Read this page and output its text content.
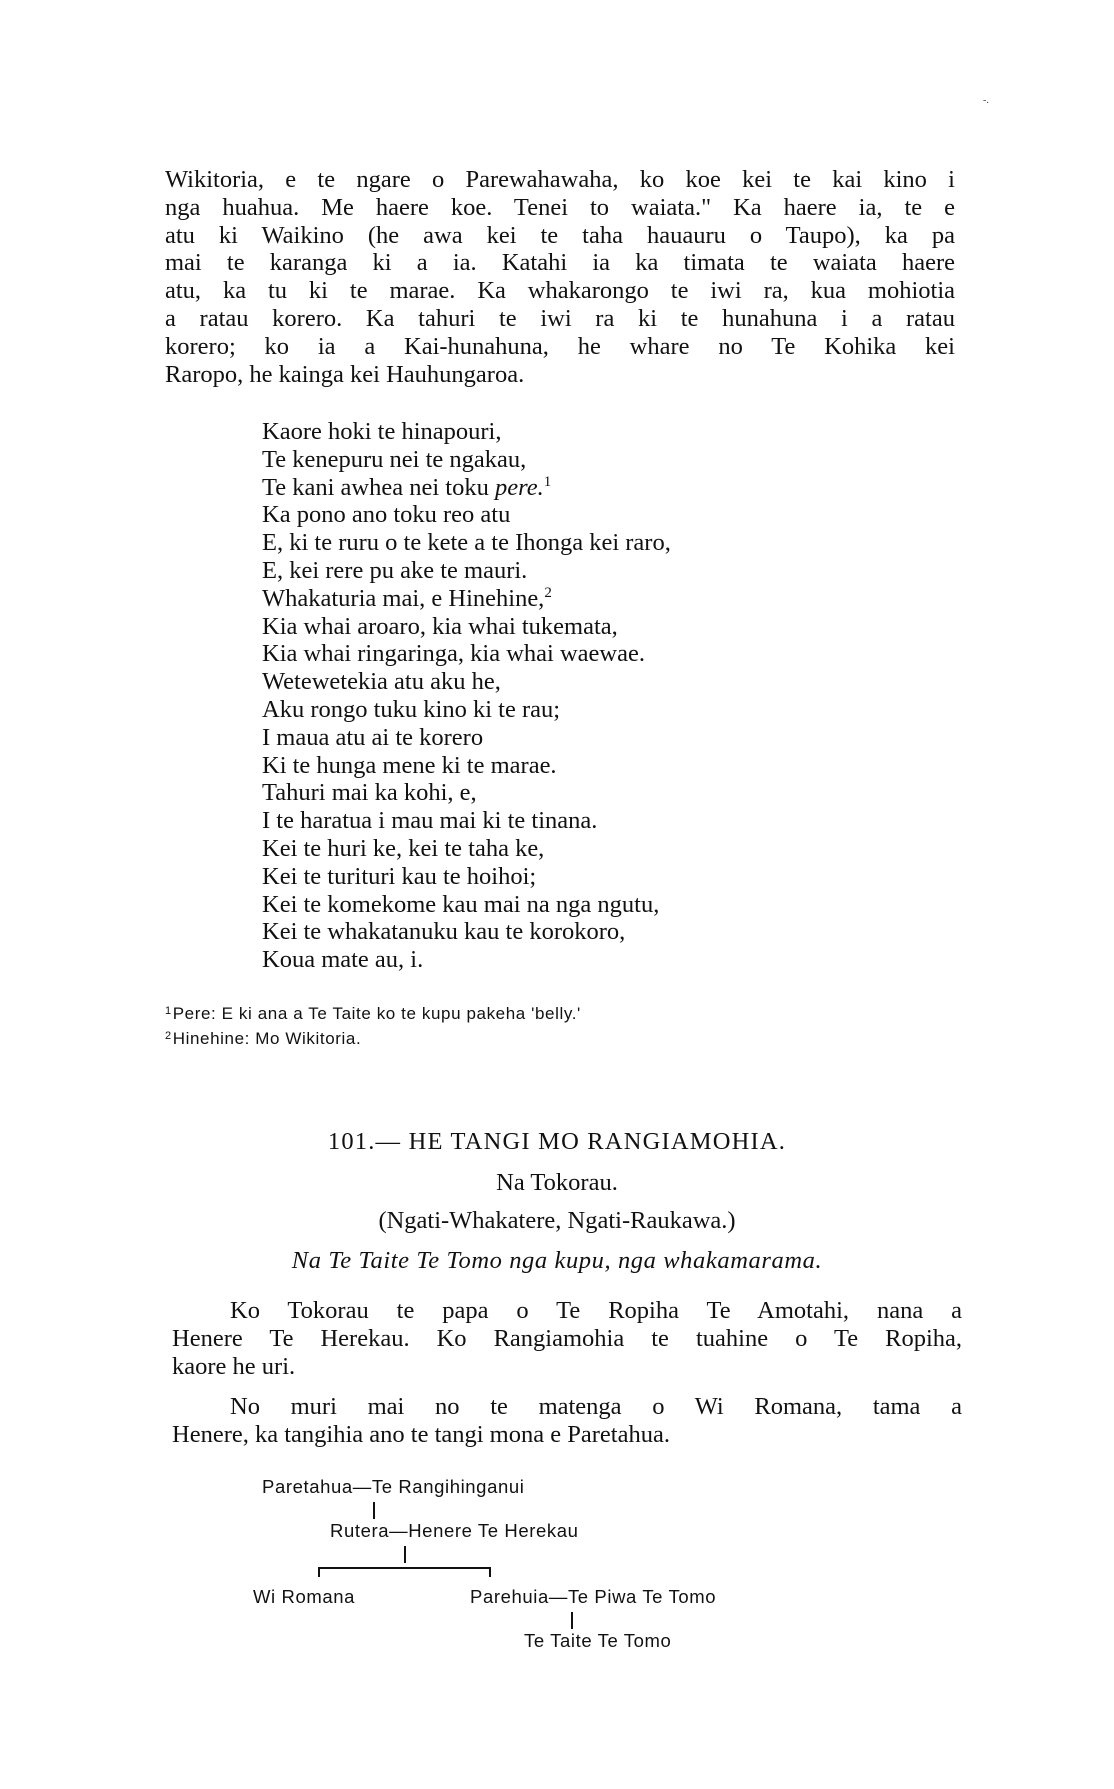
-.

Wikitoria, e te ngare o Parewahawaha, ko koe kei te kai kino i
nga huahua. Me haere koe. Tenei to waiata." Ka haere ia, te e
atu ki Waikino (he awa kei te taha hauauru o Taupo), ka pa
mai te karanga ki a ia. Katahi ia ka timata te waiata haere
atu, ka tu ki te marae. Ka whakarongo te iwi ra, kua mohiotia
a ratau korero. Ka tahuri te iwi ra ki te hunahuna i a ratau
korero; ko ia a Kai-hunahuna, he whare no Te Kohika kei
Raropo, he kainga kei Hauhungaroa.

Kaore hoki te hinapouri,
Te kenepuru nei te ngakau,
Te kani awhea nei toku pere.$^1$
Ka pono ano toku reo atu
E, ki te ruru o te kete a te Ihonga kei raro,
E, kei rere pu ake te mauri.
Whakaturia mai, e Hinehine,$^2$
Kia whai aroaro, kia whai tukemata,
Kia whai ringaringa, kia whai waewae.
Wetewetekia atu aku he,
Aku rongo tuku kino ki te rau;
I maua atu ai te korero
Ki te hunga mene ki te marae.
Tahuri mai ka kohi, e,
I te haratua i mau mai ki te tinana.
Kei te huri ke, kei te taha ke,
Kei te turituri kau te hoihoi;
Kei te komekome kau mai na nga ngutu,
Kei te whakatanuku kau te korokoro,
Koua mate au, i.
$^1$Pere: E ki ana a Te Taite ko te kupu pakeha 'belly.'
$^2$Hinehine: Mo Wikitoria.
101.— HE TANGI MO RANGIAMOHIA.
Na Tokorau.
(Ngati-Whakatere, Ngati-Raukawa.)
Na Te Taite Te Tomo nga kupu, nga whakamarama.

Ko Tokorau te papa o Te Ropiha Te Amotahi, nana a
Henere Te Herekau. Ko Rangiamohia te tuahine o Te Ropiha,
kaore he uri.

No muri mai no te matenga o Wi Romana, tama a
Henere, ka tangihia ano te tangi mona e Paretahua.

Paretahua—Te Rangihinganui
Rutera—Henere Te Herekau
Wi Romana	Parehuia—Te Piwa Te Tomo
Te Taite Te Tomo
